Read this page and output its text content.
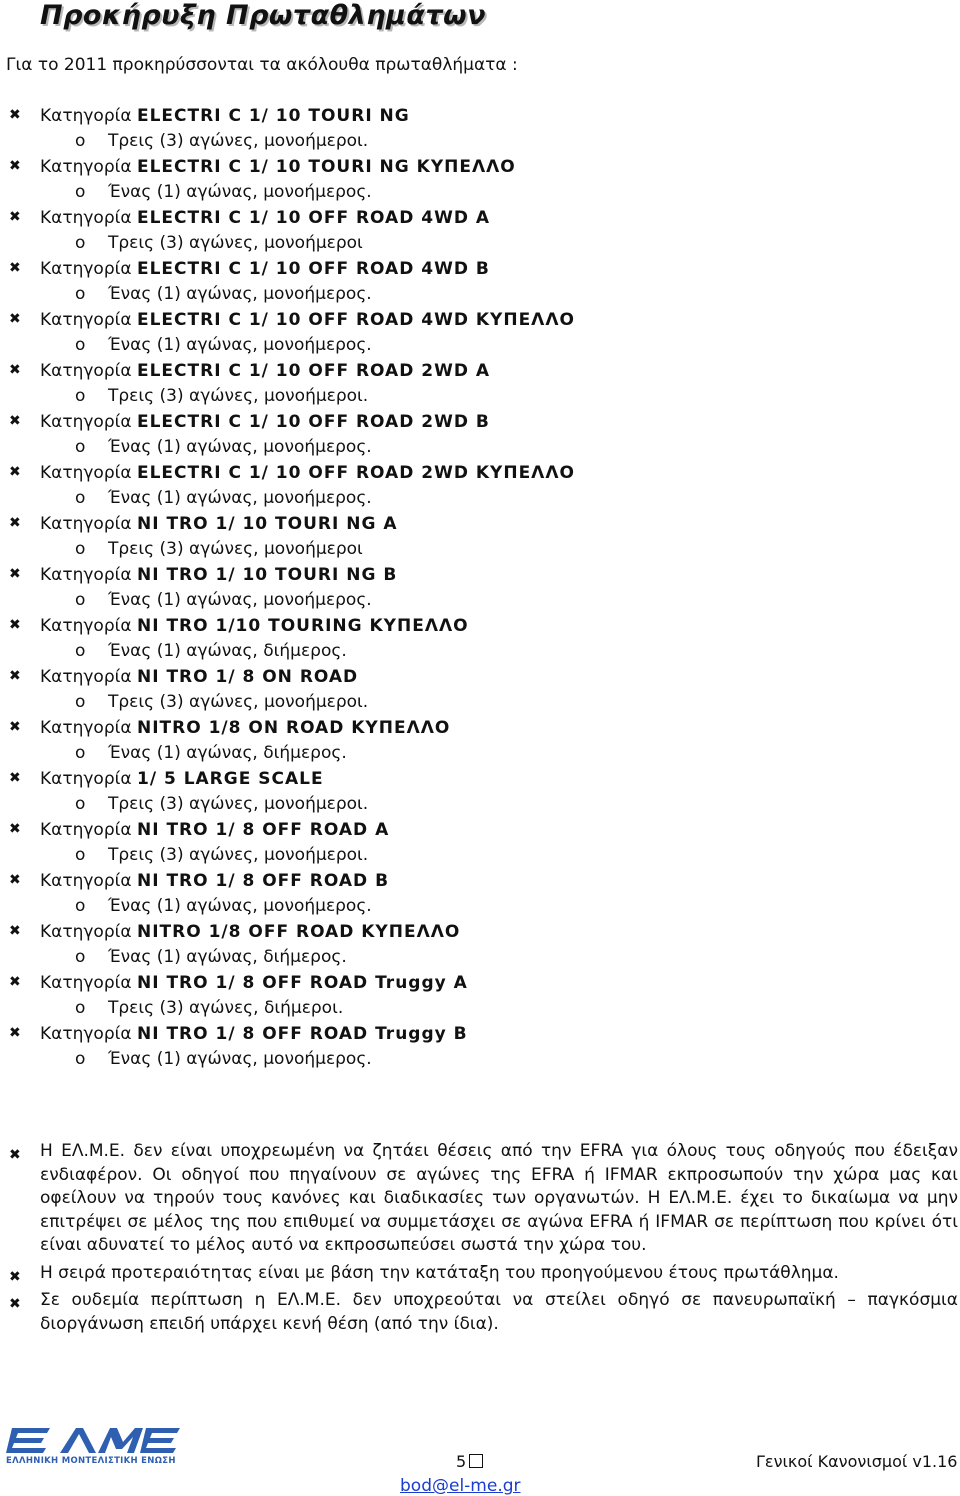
Προκήρυξη Πρωταθλημάτων
Για το 2011 προκηρύσσονται τα ακόλουθα πρωταθλήματα :
✖ Κατηγορία ELECTRI C 1/ 10 TOURI NG
o Τρεις (3) αγώνες, μονοήμεροι.
✖ Κατηγορία ELECTRI C 1/ 10 TOURI NG ΚΥΠΕΛΛΟ
o Ένας (1) αγώνας, μονοήμερος.
✖ Κατηγορία ELECTRI C 1/ 10 OFF ROAD 4WD A
o Τρεις (3) αγώνες, μονοήμεροι
✖ Κατηγορία ELECTRI C 1/ 10 OFF ROAD 4WD B
o Ένας (1) αγώνας, μονοήμερος.
✖ Κατηγορία ELECTRI C 1/ 10 OFF ROAD 4WD ΚΥΠΕΛΛΟ
o Ένας (1) αγώνας, μονοήμερος.
✖ Κατηγορία ELECTRI C 1/ 10 OFF ROAD 2WD A
o Τρεις (3) αγώνες, μονοήμεροι.
✖ Κατηγορία ELECTRI C 1/ 10 OFF ROAD 2WD B
o Ένας (1) αγώνας, μονοήμερος.
✖ Κατηγορία ELECTRI C 1/ 10 OFF ROAD 2WD ΚΥΠΕΛΛΟ
o Ένας (1) αγώνας, μονοήμερος.
✖ Κατηγορία NI TRO 1/ 10 TOURI NG A
o Τρεις (3) αγώνες, μονοήμεροι
✖ Κατηγορία NI TRO 1/ 10 TOURI NG B
o Ένας (1) αγώνας, μονοήμερος.
✖ Κατηγορία NI TRO 1/10 TOURING ΚΥΠΕΛΛΟ
o Ένας (1) αγώνας, διήμερος.
✖ Κατηγορία NI TRO 1/ 8 ON ROAD
o Τρεις (3) αγώνες, μονοήμεροι.
✖ Κατηγορία NITRO 1/8 ON ROAD ΚΥΠΕΛΛΟ
o Ένας (1) αγώνας, διήμερος.
✖ Κατηγορία 1/ 5 LARGE SCALE
o Τρεις (3) αγώνες, μονοήμεροι.
✖ Κατηγορία NI TRO 1/ 8 OFF ROAD A
o Τρεις (3) αγώνες, μονοήμεροι.
✖ Κατηγορία NI TRO 1/ 8 OFF ROAD B
o Ένας (1) αγώνας, μονοήμερος.
✖ Κατηγορία NITRO 1/8 OFF ROAD ΚΥΠΕΛΛΟ
o Ένας (1) αγώνας, διήμερος.
✖ Κατηγορία NI TRO 1/ 8 OFF ROAD Truggy A
o Τρεις (3) αγώνες, διήμεροι.
✖ Κατηγορία NI TRO 1/ 8 OFF ROAD Truggy B
o Ένας (1) αγώνας, μονοήμερος.
✖ Η ΕΛ.Μ.Ε. δεν είναι υποχρεωμένη να ζητάει θέσεις από την EFRA για όλους τους οδηγούς που έδειξαν ενδιαφέρον. Οι οδηγοί που πηγαίνουν σε αγώνες της EFRA ή IFMAR εκπροσωπούν την χώρα μας και οφείλουν να τηρούν τους κανόνες και διαδικασίες των οργανωτών. Η ΕΛ.Μ.Ε. έχει το δικαίωμα να μην επιτρέψει σε μέλος της που επιθυμεί να συμμετάσχει σε αγώνα EFRA ή IFMAR σε περίπτωση που κρίνει ότι είναι αδυνατεί το μέλος αυτό να εκπροσωπεύσει σωστά την χώρα του.
✖ Η σειρά προτεραιότητας είναι με βάση την κατάταξη του προηγούμενου έτους πρωτάθλημα.
✖ Σε ουδεμία περίπτωση η ΕΛ.Μ.Ε. δεν υποχρεούται να στείλει οδηγό σε πανευρωπαϊκή – παγκόσμια διοργάνωση επειδή υπάρχει κενή θέση (από την ίδια).
ΕΛΛΗΝΙΚΗ ΜΟΝΤΕΛΙΣΤΙΚΗ ΕΝΩΣΗ	5
bod@el-me.gr
Γενικοί Κανονισμοί v1.16
